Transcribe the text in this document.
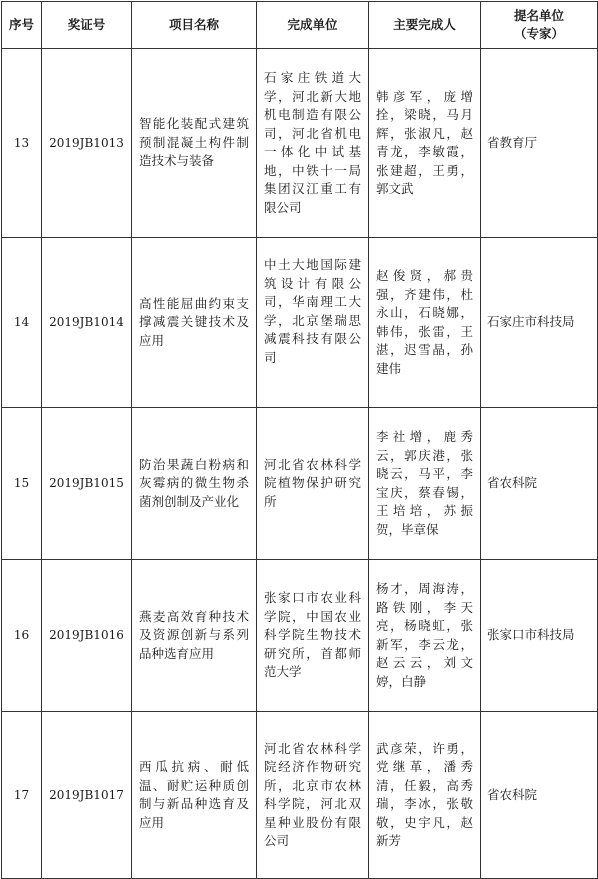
序号	奖证号	项目名称	完成单位	主要完成人	提名单位
（专家）

13	2019JB1013	智能化装配式建筑预制混凝土构件制造技术与装备	石家庄铁道大学，河北新大地机电制造有限公司，河北省机电一体化中试基地，中铁十一局集团汉江重工有限公司	韩彦军，庞增拴，梁晓，马月辉，张淑凡，赵青龙，李敏霞，张建超，王勇，郭文武	省教育厅
14	2019JB1014	高性能屈曲约束支撑减震关键技术及应用	中土大地国际建筑设计有限公司，华南理工大学，北京堡瑞思减震科技有限公司	赵俊贤，郝贵强，齐建伟，杜永山，石晓娜，韩伟，张雷，王湛，迟雪晶，孙建伟	石家庄市科技局
15	2019JB1015	防治果蔬白粉病和灰霉病的微生物杀菌剂创制及产业化	河北省农林科学院植物保护研究所	李社增，鹿秀云，郭庆港，张晓云，马平，李宝庆，蔡春锡，王培培，苏振贺，毕章保	省农科院
16	2019JB1016	燕麦高效育种技术及资源创新与系列品种选育应用	张家口市农业科学院，中国农业科学院生物技术研究所，首都师范大学	杨才，周海涛，路铁刚，李天亮，杨晓虹，张新军，李云龙，赵云云，刘文婷，白静	张家口市科技局
17	2019JB1017	西瓜抗病、耐低温、耐贮运种质创制与新品种选育及应用	河北省农林科学院经济作物研究所，北京市农林科学院，河北双星种业股份有限公司	武彦荣，许勇，党继革，潘秀清，任毅，高秀瑞，李冰，张敬敬，史宇凡，赵新芳	省农科院
